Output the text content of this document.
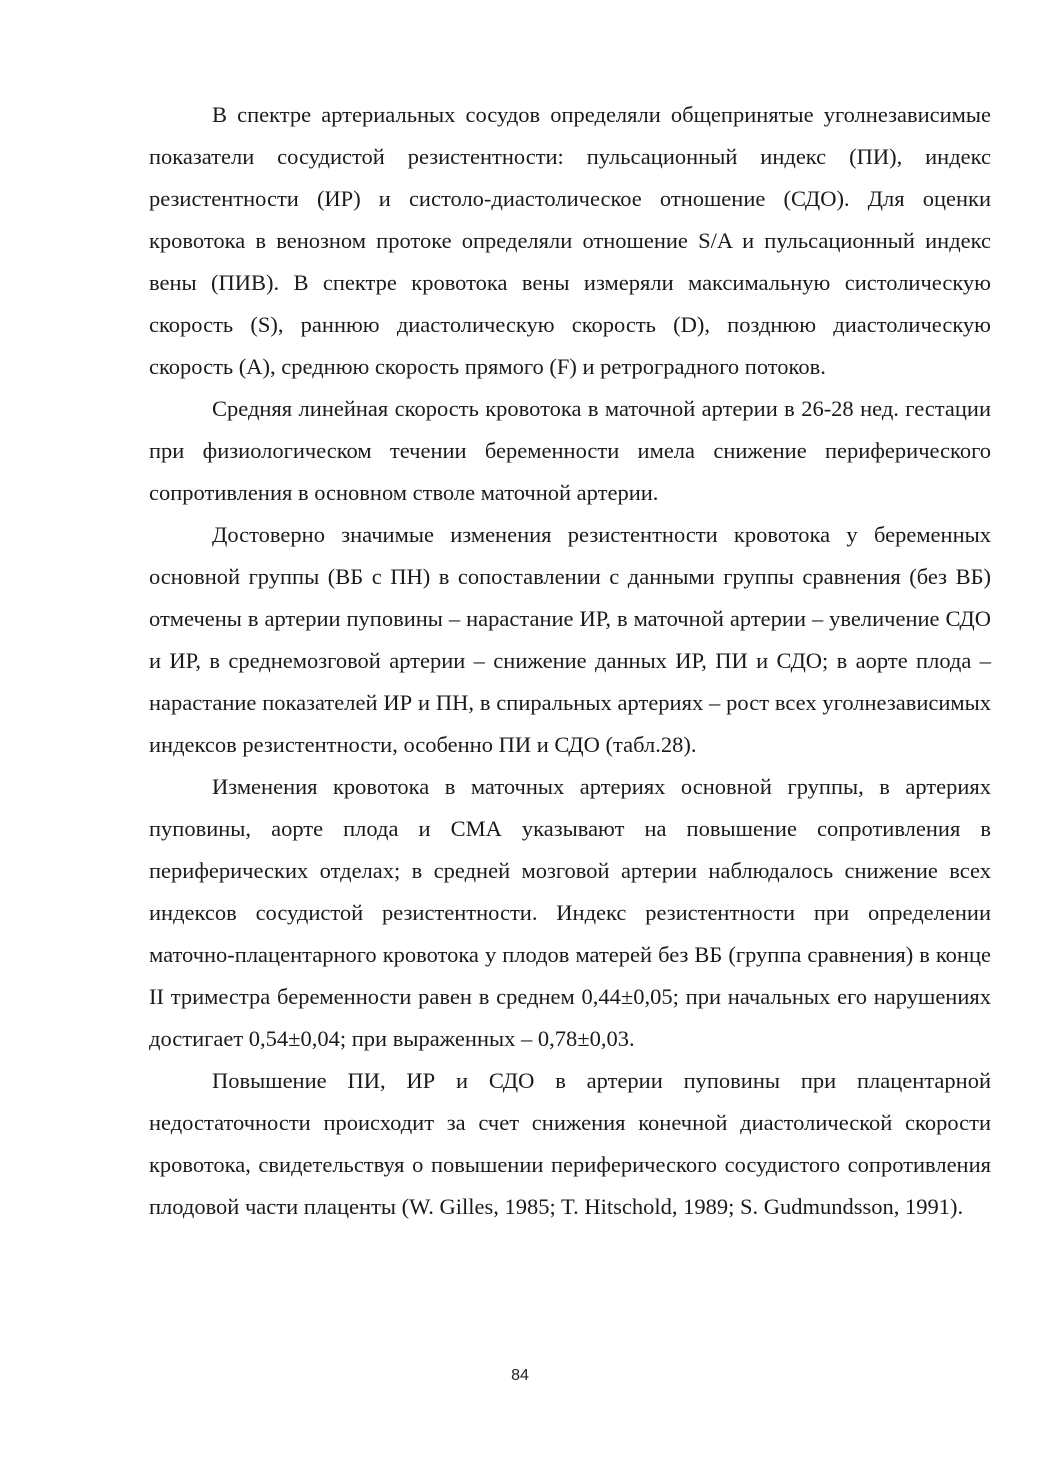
В спектре артериальных сосудов определяли общепринятые уголнезависимые показатели сосудистой резистентности: пульсационный индекс (ПИ), индекс резистентности (ИР) и систоло-диастолическое отношение (СДО). Для оценки кровотока в венозном протоке определяли отношение S/A и пульсационный индекс вены (ПИВ). В спектре кровотока вены измеряли максимальную систолическую скорость (S), раннюю диастолическую скорость (D), позднюю диастолическую скорость (A), среднюю скорость прямого (F) и ретроградного потоков.

Средняя линейная скорость кровотока в маточной артерии в 26-28 нед. гестации при физиологическом течении беременности имела снижение периферического сопротивления в основном стволе маточной артерии.

Достоверно значимые изменения резистентности кровотока у беременных основной группы (ВБ с ПН) в сопоставлении с данными группы сравнения (без ВБ) отмечены в артерии пуповины – нарастание ИР, в маточной артерии – увеличение СДО и ИР, в среднемозговой артерии – снижение данных ИР, ПИ и СДО; в аорте плода – нарастание показателей ИР и ПН, в спиральных артериях – рост всех уголнезависимых индексов резистентности, особенно ПИ и СДО (табл.28).

Изменения кровотока в маточных артериях основной группы, в артериях пуповины, аорте плода и СМА указывают на повышение сопротивления в периферических отделах; в средней мозговой артерии наблюдалось снижение всех индексов сосудистой резистентности. Индекс резистентности при определении маточно-плацентарного кровотока у плодов матерей без ВБ (группа сравнения) в конце II триместра беременности равен в среднем 0,44±0,05; при начальных его нарушениях достигает 0,54±0,04; при выраженных – 0,78±0,03.

Повышение ПИ, ИР и СДО в артерии пуповины при плацентарной недостаточности происходит за счет снижения конечной диастолической скорости кровотока, свидетельствуя о повышении периферического сосудистого сопротивления плодовой части плаценты (W. Gilles, 1985; T. Hitschold, 1989; S. Gudmundsson, 1991).

84
